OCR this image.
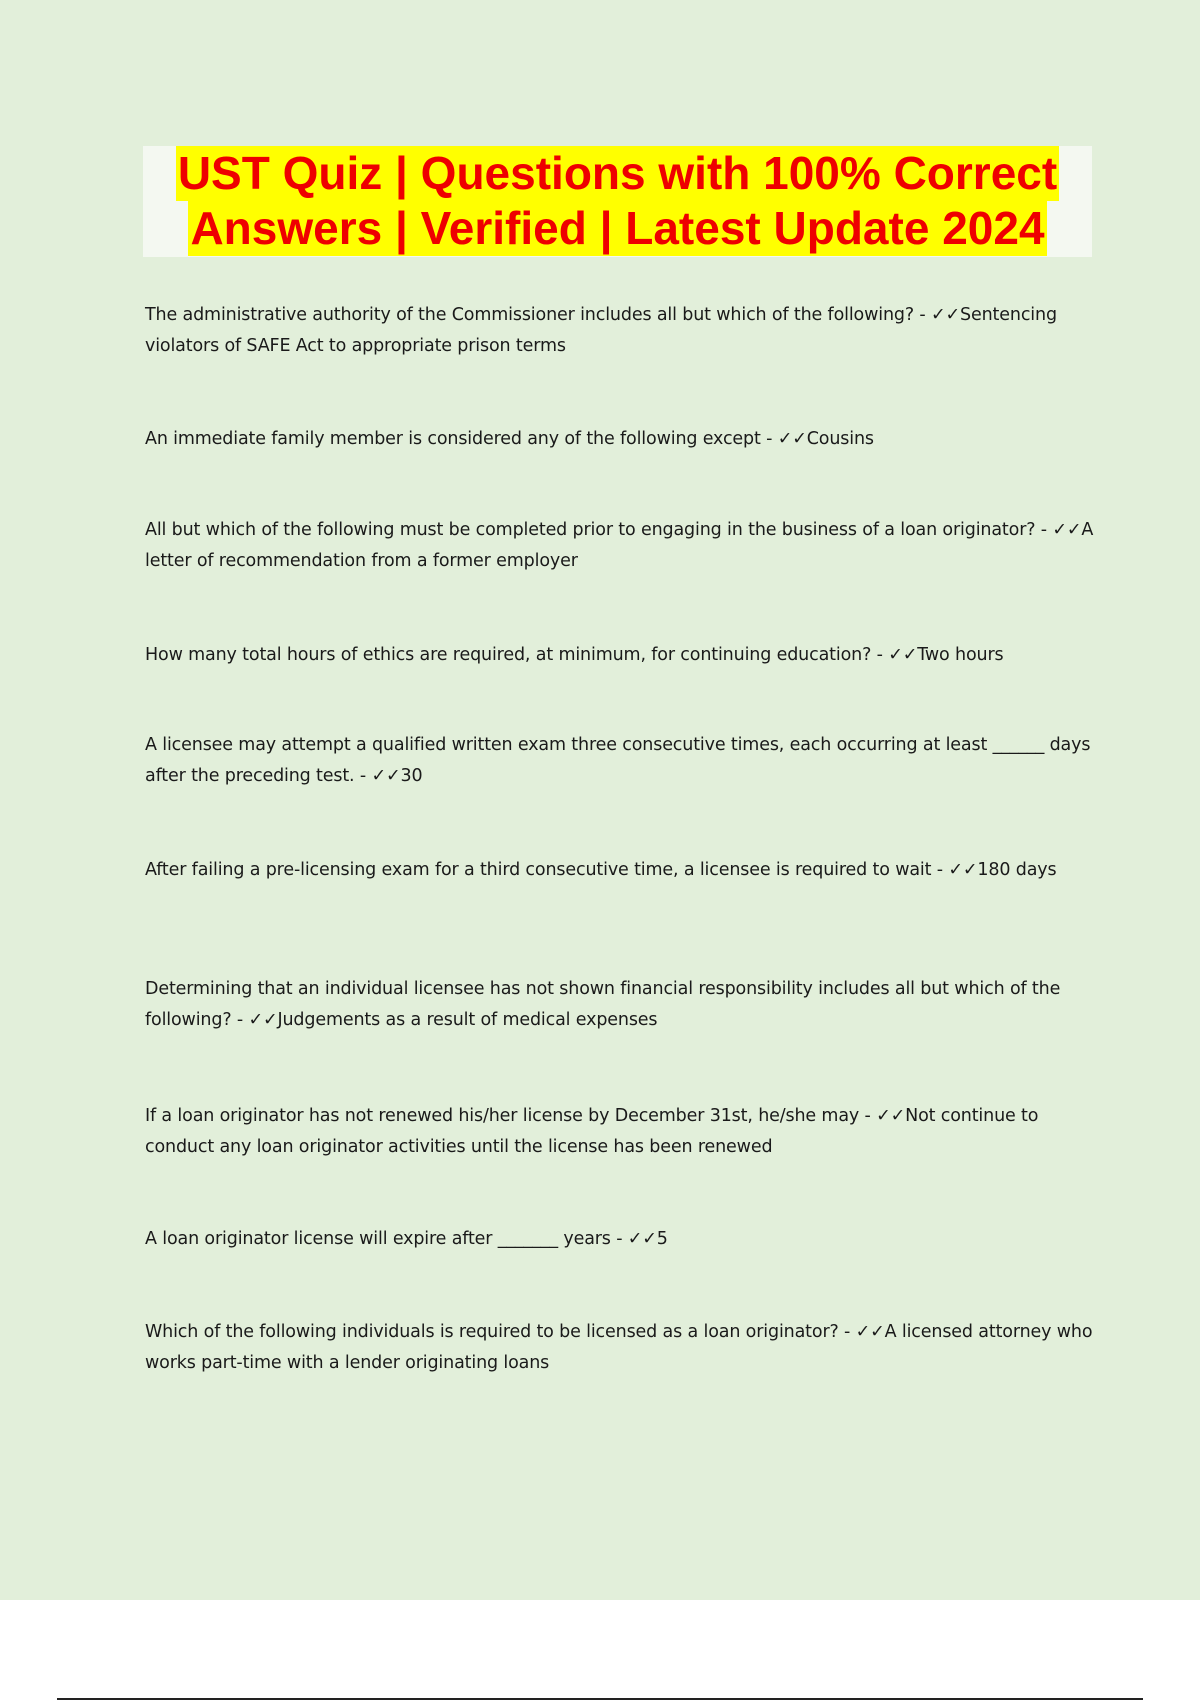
UST Quiz | Questions with 100% Correct
Answers | Verified | Latest Update 2024
The administrative authority of the Commissioner includes all but which of the following? - ✓✓Sentencing violators of SAFE Act to appropriate prison terms
An immediate family member is considered any of the following except - ✓✓Cousins
All but which of the following must be completed prior to engaging in the business of a loan originator? - ✓✓A letter of recommendation from a former employer
How many total hours of ethics are required, at minimum, for continuing education? - ✓✓Two hours
A licensee may attempt a qualified written exam three consecutive times, each occurring at least ______ days after the preceding test. - ✓✓30
After failing a pre-licensing exam for a third consecutive time, a licensee is required to wait - ✓✓180 days
Determining that an individual licensee has not shown financial responsibility includes all but which of the following? - ✓✓Judgements as a result of medical expenses
If a loan originator has not renewed his/her license by December 31st, he/she may - ✓✓Not continue to conduct any loan originator activities until the license has been renewed
A loan originator license will expire after _______ years - ✓✓5
Which of the following individuals is required to be licensed as a loan originator? - ✓✓A licensed attorney who works part-time with a lender originating loans
